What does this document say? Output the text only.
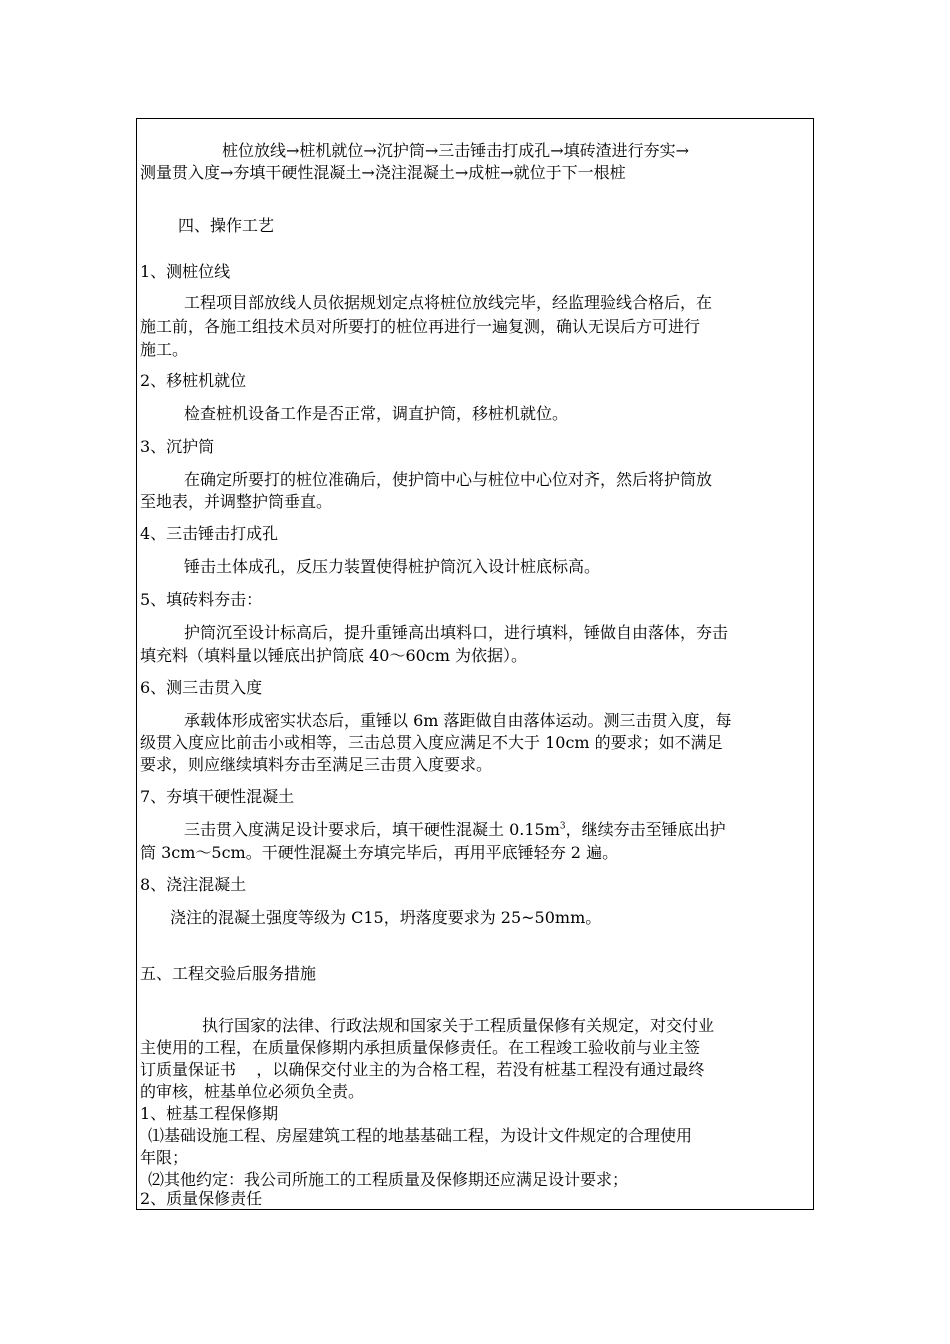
桩位放线→桩机就位→沉护筒→三击锤击打成孔→填砖渣进行夯实→
测量贯入度→夯填干硬性混凝土→浇注混凝土→成桩→就位于下一根桩
四、操作工艺
1、测桩位线
工程项目部放线人员依据规划定点将桩位放线完毕，经监理验线合格后，在
施工前，各施工组技术员对所要打的桩位再进行一遍复测，确认无误后方可进行
施工。
2、移桩机就位
检查桩机设备工作是否正常，调直护筒，移桩机就位。
3、沉护筒
在确定所要打的桩位准确后，使护筒中心与桩位中心位对齐，然后将护筒放
至地表，并调整护筒垂直。
4、三击锤击打成孔
锤击土体成孔，反压力装置使得桩护筒沉入设计桩底标高。
5、填砖料夯击：
护筒沉至设计标高后，提升重锤高出填料口，进行填料，锤做自由落体，夯击
填充料（填料量以锤底出护筒底 40～60cm 为依据）。
6、测三击贯入度
承载体形成密实状态后，重锤以 6m 落距做自由落体运动。测三击贯入度，每
级贯入度应比前击小或相等，三击总贯入度应满足不大于 10cm 的要求；如不满足
要求，则应继续填料夯击至满足三击贯入度要求。
7、夯填干硬性混凝土
三击贯入度满足设计要求后，填干硬性混凝土 $0.15m^3$，继续夯击至锤底出护
筒 3cm～5cm。干硬性混凝土夯填完毕后，再用平底锤轻夯 2 遍。
8、浇注混凝土
浇注的混凝土强度等级为 C15，坍落度要求为 25~50mm。
五、工程交验后服务措施
执行国家的法律、行政法规和国家关于工程质量保修有关规定，对交付业
主使用的工程，在质量保修期内承担质量保修责任。在工程竣工验收前与业主签
订质量保证书    ，以确保交付业主的为合格工程，若没有桩基工程没有通过最终
的审核，桩基单位必须负全责。
1、桩基工程保修期
⑴基础设施工程、房屋建筑工程的地基基础工程，为设计文件规定的合理使用
年限；
⑵其他约定：我公司所施工的工程质量及保修期还应满足设计要求；
2、质量保修责任
